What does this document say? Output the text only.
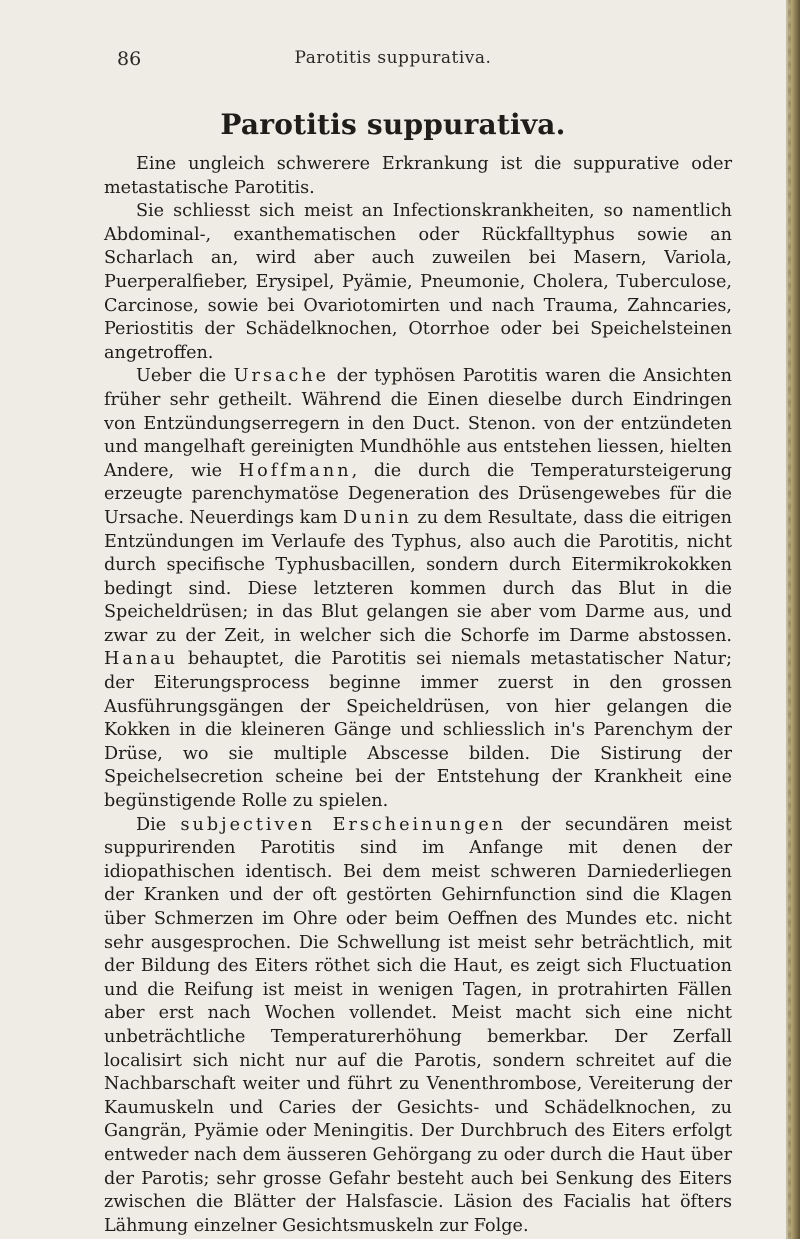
86	Parotitis suppurativa.
Parotitis suppurativa.

Eine ungleich schwerere Erkrankung ist die suppurative oder metastatische Parotitis.

Sie schliesst sich meist an Infectionskrankheiten, so namentlich Abdominal-, exanthematischen oder Rückfalltyphus sowie an Scharlach an, wird aber auch zuweilen bei Masern, Variola, Puerperalfieber, Erysipel, Pyämie, Pneumonie, Cholera, Tuberculose, Carcinose, sowie bei Ovariotomirten und nach Trauma, Zahncaries, Periostitis der Schädelknochen, Otorrhoe oder bei Speichelsteinen angetroffen.

Ueber die Ursache der typhösen Parotitis waren die Ansichten früher sehr getheilt. Während die Einen dieselbe durch Eindringen von Entzündungserregern in den Duct. Stenon. von der entzündeten und mangelhaft gereinigten Mundhöhle aus entstehen liessen, hielten Andere, wie Hoffmann, die durch die Temperatursteigerung erzeugte parenchymatöse Degeneration des Drüsengewebes für die Ursache. Neuerdings kam Dunin zu dem Resultate, dass die eitrigen Entzündungen im Verlaufe des Typhus, also auch die Parotitis, nicht durch specifische Typhusbacillen, sondern durch Eitermikrokokken bedingt sind. Diese letzteren kommen durch das Blut in die Speicheldrüsen; in das Blut gelangen sie aber vom Darme aus, und zwar zu der Zeit, in welcher sich die Schorfe im Darme abstossen. Hanau behauptet, die Parotitis sei niemals metastatischer Natur; der Eiterungsprocess beginne immer zuerst in den grossen Ausführungsgängen der Speicheldrüsen, von hier gelangen die Kokken in die kleineren Gänge und schliesslich in's Parenchym der Drüse, wo sie multiple Abscesse bilden. Die Sistirung der Speichelsecretion scheine bei der Entstehung der Krankheit eine begünstigende Rolle zu spielen.

Die subjectiven Erscheinungen der secundären meist suppurirenden Parotitis sind im Anfange mit denen der idiopathischen identisch. Bei dem meist schweren Darniederliegen der Kranken und der oft gestörten Gehirnfunction sind die Klagen über Schmerzen im Ohre oder beim Oeffnen des Mundes etc. nicht sehr ausgesprochen. Die Schwellung ist meist sehr beträchtlich, mit der Bildung des Eiters röthet sich die Haut, es zeigt sich Fluctuation und die Reifung ist meist in wenigen Tagen, in protrahirten Fällen aber erst nach Wochen vollendet. Meist macht sich eine nicht unbeträchtliche Temperaturerhöhung bemerkbar. Der Zerfall localisirt sich nicht nur auf die Parotis, sondern schreitet auf die Nachbarschaft weiter und führt zu Venenthrombose, Vereiterung der Kaumuskeln und Caries der Gesichts- und Schädelknochen, zu Gangrän, Pyämie oder Meningitis. Der Durchbruch des Eiters erfolgt entweder nach dem äusseren Gehörgang zu oder durch die Haut über der Parotis; sehr grosse Gefahr besteht auch bei Senkung des Eiters zwischen die Blätter der Halsfascie. Läsion des Facialis hat öfters Lähmung einzelner Gesichtsmuskeln zur Folge.
